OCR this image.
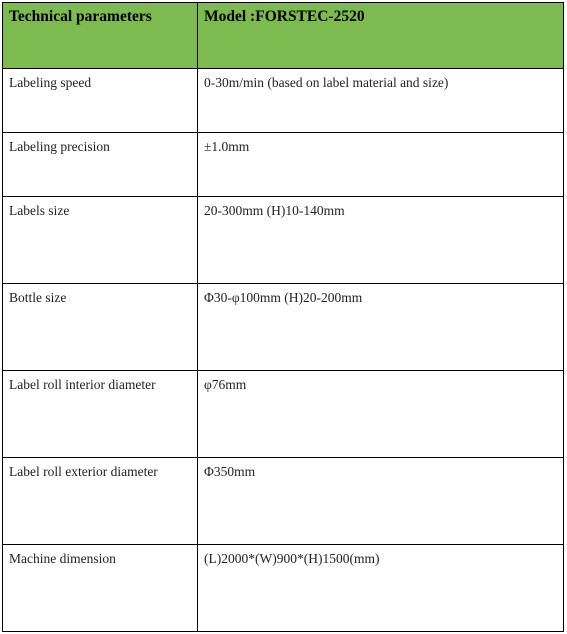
Technical parameters	Model :FORSTEC-2520
Labeling speed	0-30m/min (based on label material and size)
Labeling precision	±1.0mm
Labels size	20-300mm (H)10-140mm
Bottle size	Φ30-φ100mm (H)20-200mm
Label roll interior diameter	φ76mm
Label roll exterior diameter	Φ350mm
Machine dimension	(L)2000*(W)900*(H)1500(mm)
